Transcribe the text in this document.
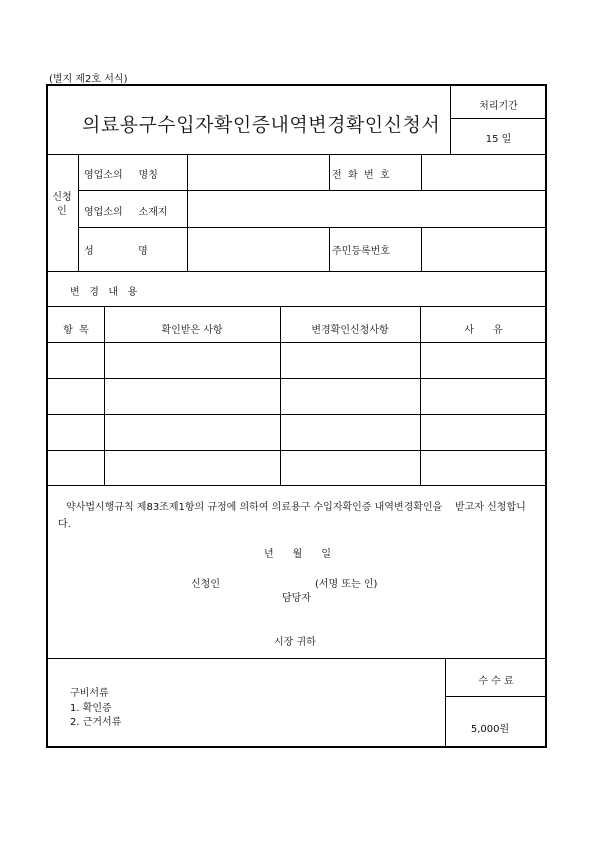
(별지 제2호 서식)
의료용구수입자확인증내역변경확인신청서
처리기간
15 일
신청인
영업소의     명칭	전  화  번  호
영업소의     소재지
성              명	주민등록번호
변   경   내   용
항  목	확인받은 사항	변경확인신청사항	사      유
약사법시행규칙 제83조제1항의 규정에 의하여 의료용구 수입자확인증 내역변경확인을    받고자 신청합니다.
년      월      일
신청인	(서명 또는 인)
담당자
시장 귀하
구비서류
1. 확인증
2. 근거서류
수 수 료
5,000원
